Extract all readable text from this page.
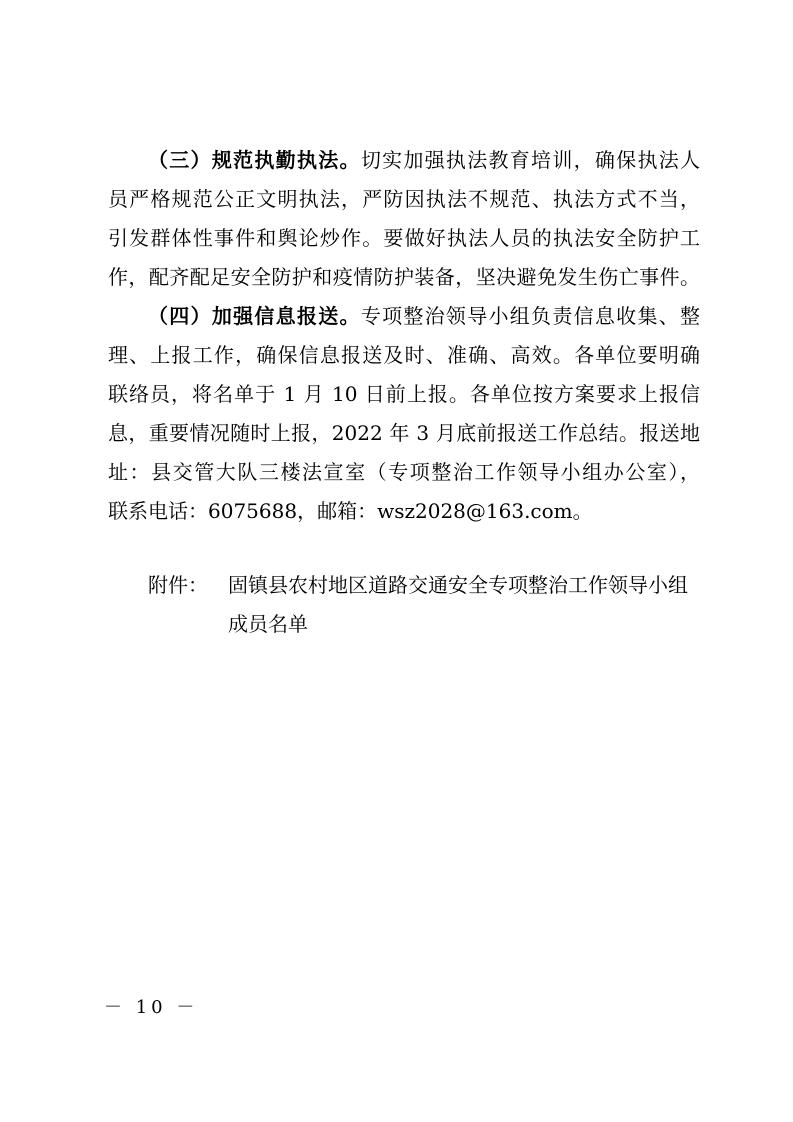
（三）规范执勤执法。切实加强执法教育培训，确保执法人
员严格规范公正文明执法，严防因执法不规范、执法方式不当，
引发群体性事件和舆论炒作。要做好执法人员的执法安全防护工
作，配齐配足安全防护和疫情防护装备，坚决避免发生伤亡事件。
（四）加强信息报送。专项整治领导小组负责信息收集、整
理、上报工作，确保信息报送及时、准确、高效。各单位要明确
联络员，将名单于 1 月 10 日前上报。各单位按方案要求上报信
息，重要情况随时上报，2022 年 3 月底前报送工作总结。报送地
址：县交管大队三楼法宣室（专项整治工作领导小组办公室），
联系电话：6075688，邮箱：wsz2028@163.com。
附件： 固镇县农村地区道路交通安全专项整治工作领导小组
成员名单
－ 10 －
